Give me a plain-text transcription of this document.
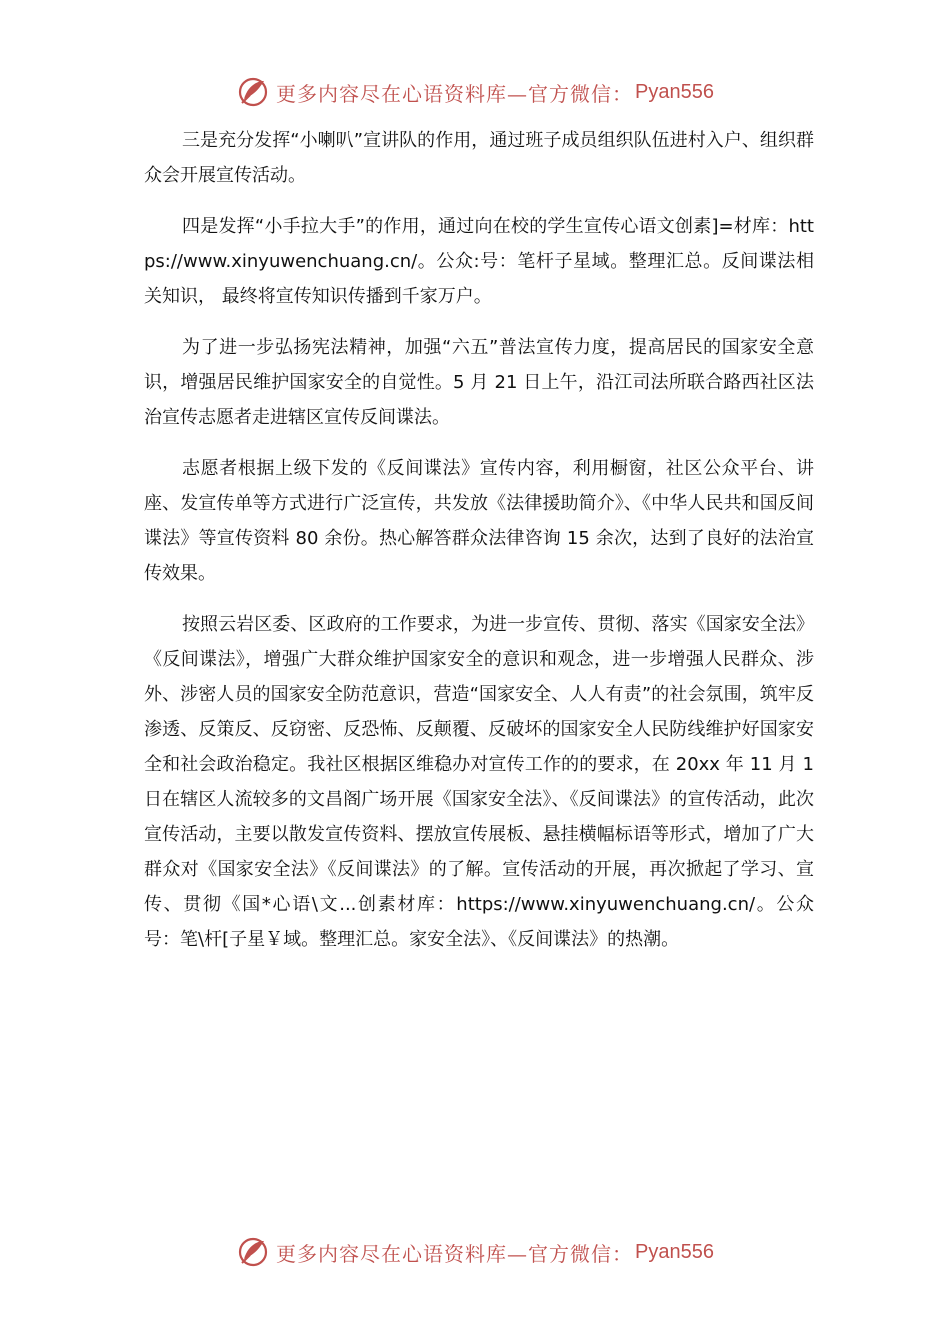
更多内容尽在心语资料库—官方微信： Pyan556

三是充分发挥“小喇叭”宣讲队的作用，通过班子成员组织队伍进村入户、组织群众会开展宣传活动。

四是发挥“小手拉大手”的作用，通过向在校的学生宣传心语文创素]=材库：https://www.xinyuwenchuang.cn/。公众:号：笔杆子星域。整理汇总。反间谍法相关知识， 最终将宣传知识传播到千家万户。

为了进一步弘扬宪法精神，加强“六五”普法宣传力度，提高居民的国家安全意识，增强居民维护国家安全的自觉性。5 月 21 日上午，沿江司法所联合路西社区法治宣传志愿者走进辖区宣传反间谍法。

志愿者根据上级下发的《反间谍法》宣传内容，利用橱窗，社区公众平台、讲座、发宣传单等方式进行广泛宣传，共发放《法律援助简介》、《中华人民共和国反间谍法》等宣传资料 80 余份。热心解答群众法律咨询 15 余次，达到了良好的法治宣传效果。

按照云岩区委、区政府的工作要求，为进一步宣传、贯彻、落实《国家安全法》《反间谍法》，增强广大群众维护国家安全的意识和观念，进一步增强人民群众、涉外、涉密人员的国家安全防范意识，营造“国家安全、人人有责”的社会氛围，筑牢反渗透、反策反、反窃密、反恐怖、反颠覆、反破坏的国家安全人民防线维护好国家安全和社会政治稳定。我社区根据区维稳办对宣传工作的的要求，在 20xx 年 11 月 1 日在辖区人流较多的文昌阁广场开展《国家安全法》、《反间谍法》的宣传活动，此次宣传活动，主要以散发宣传资料、摆放宣传展板、悬挂横幅标语等形式，增加了广大群众对《国家安全法》《反间谍法》的了解。宣传活动的开展，再次掀起了学习、宣传、贯彻《国*心语\文...创素材库：https://www.xinyuwenchuang.cn/。公众号：笔\杆[子星￥域。整理汇总。家安全法》、《反间谍法》的热潮。

更多内容尽在心语资料库—官方微信： Pyan556
